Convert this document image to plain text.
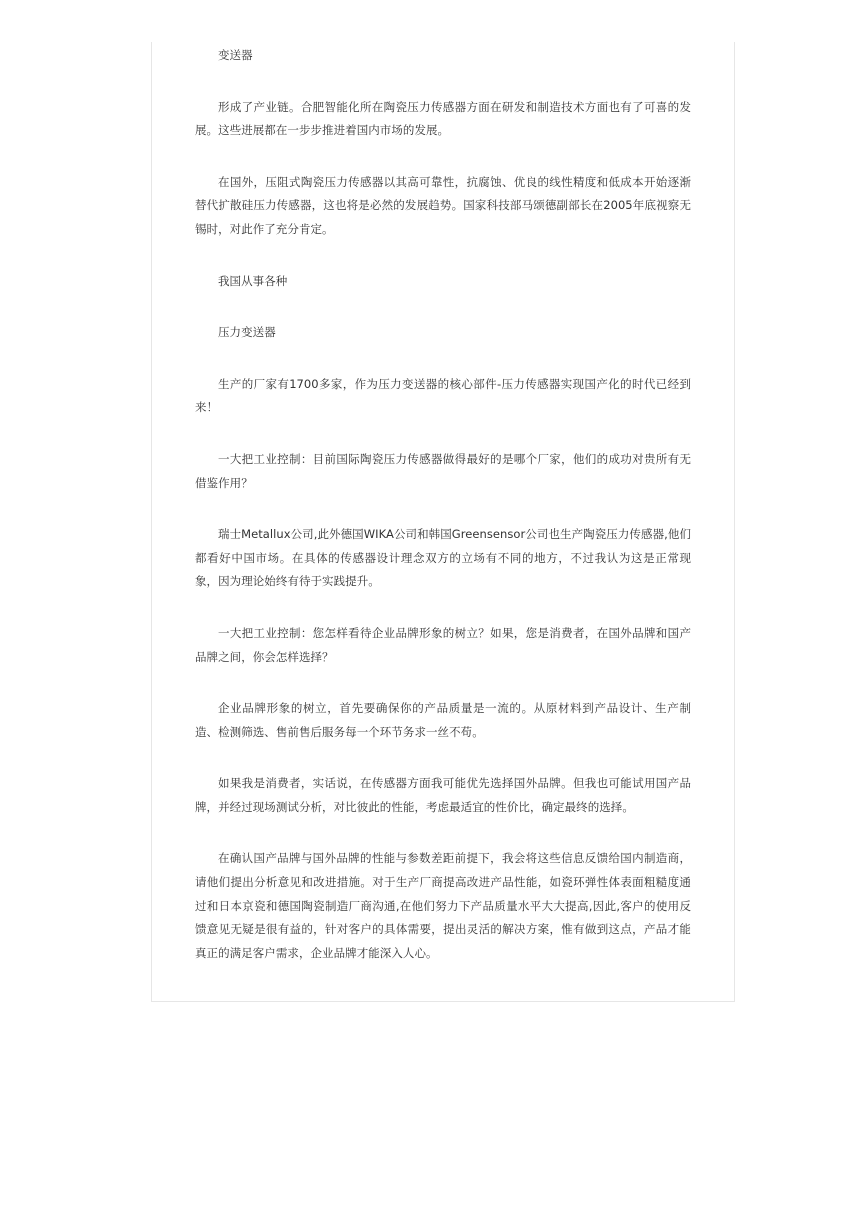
变送器

形成了产业链。合肥智能化所在陶瓷压力传感器方面在研发和制造技术方面也有了可喜的发展。这些进展都在一步步推进着国内市场的发展。

在国外，压阻式陶瓷压力传感器以其高可靠性，抗腐蚀、优良的线性精度和低成本开始逐渐替代扩散硅压力传感器，这也将是必然的发展趋势。国家科技部马颂德副部长在2005年底视察无锡时，对此作了充分肯定。

我国从事各种

压力变送器

生产的厂家有1700多家，作为压力变送器的核心部件-压力传感器实现国产化的时代已经到来！

一大把工业控制：目前国际陶瓷压力传感器做得最好的是哪个厂家，他们的成功对贵所有无借鉴作用？

瑞士Metallux公司,此外德国WIKA公司和韩国Greensensor公司也生产陶瓷压力传感器,他们都看好中国市场。在具体的传感器设计理念双方的立场有不同的地方，不过我认为这是正常现象，因为理论始终有待于实践提升。

一大把工业控制：您怎样看待企业品牌形象的树立？如果，您是消费者，在国外品牌和国产品牌之间，你会怎样选择？

企业品牌形象的树立，首先要确保你的产品质量是一流的。从原材料到产品设计、生产制造、检测筛选、售前售后服务每一个环节务求一丝不苟。

如果我是消费者，实话说，在传感器方面我可能优先选择国外品牌。但我也可能试用国产品牌，并经过现场测试分析，对比彼此的性能，考虑最适宜的性价比，确定最终的选择。

在确认国产品牌与国外品牌的性能与参数差距前提下，我会将这些信息反馈给国内制造商，请他们提出分析意见和改进措施。对于生产厂商提高改进产品性能，如瓷环弹性体表面粗糙度通过和日本京瓷和德国陶瓷制造厂商沟通,在他们努力下产品质量水平大大提高,因此,客户的使用反馈意见无疑是很有益的，针对客户的具体需要，提出灵活的解决方案，惟有做到这点，产品才能真正的满足客户需求，企业品牌才能深入人心。
